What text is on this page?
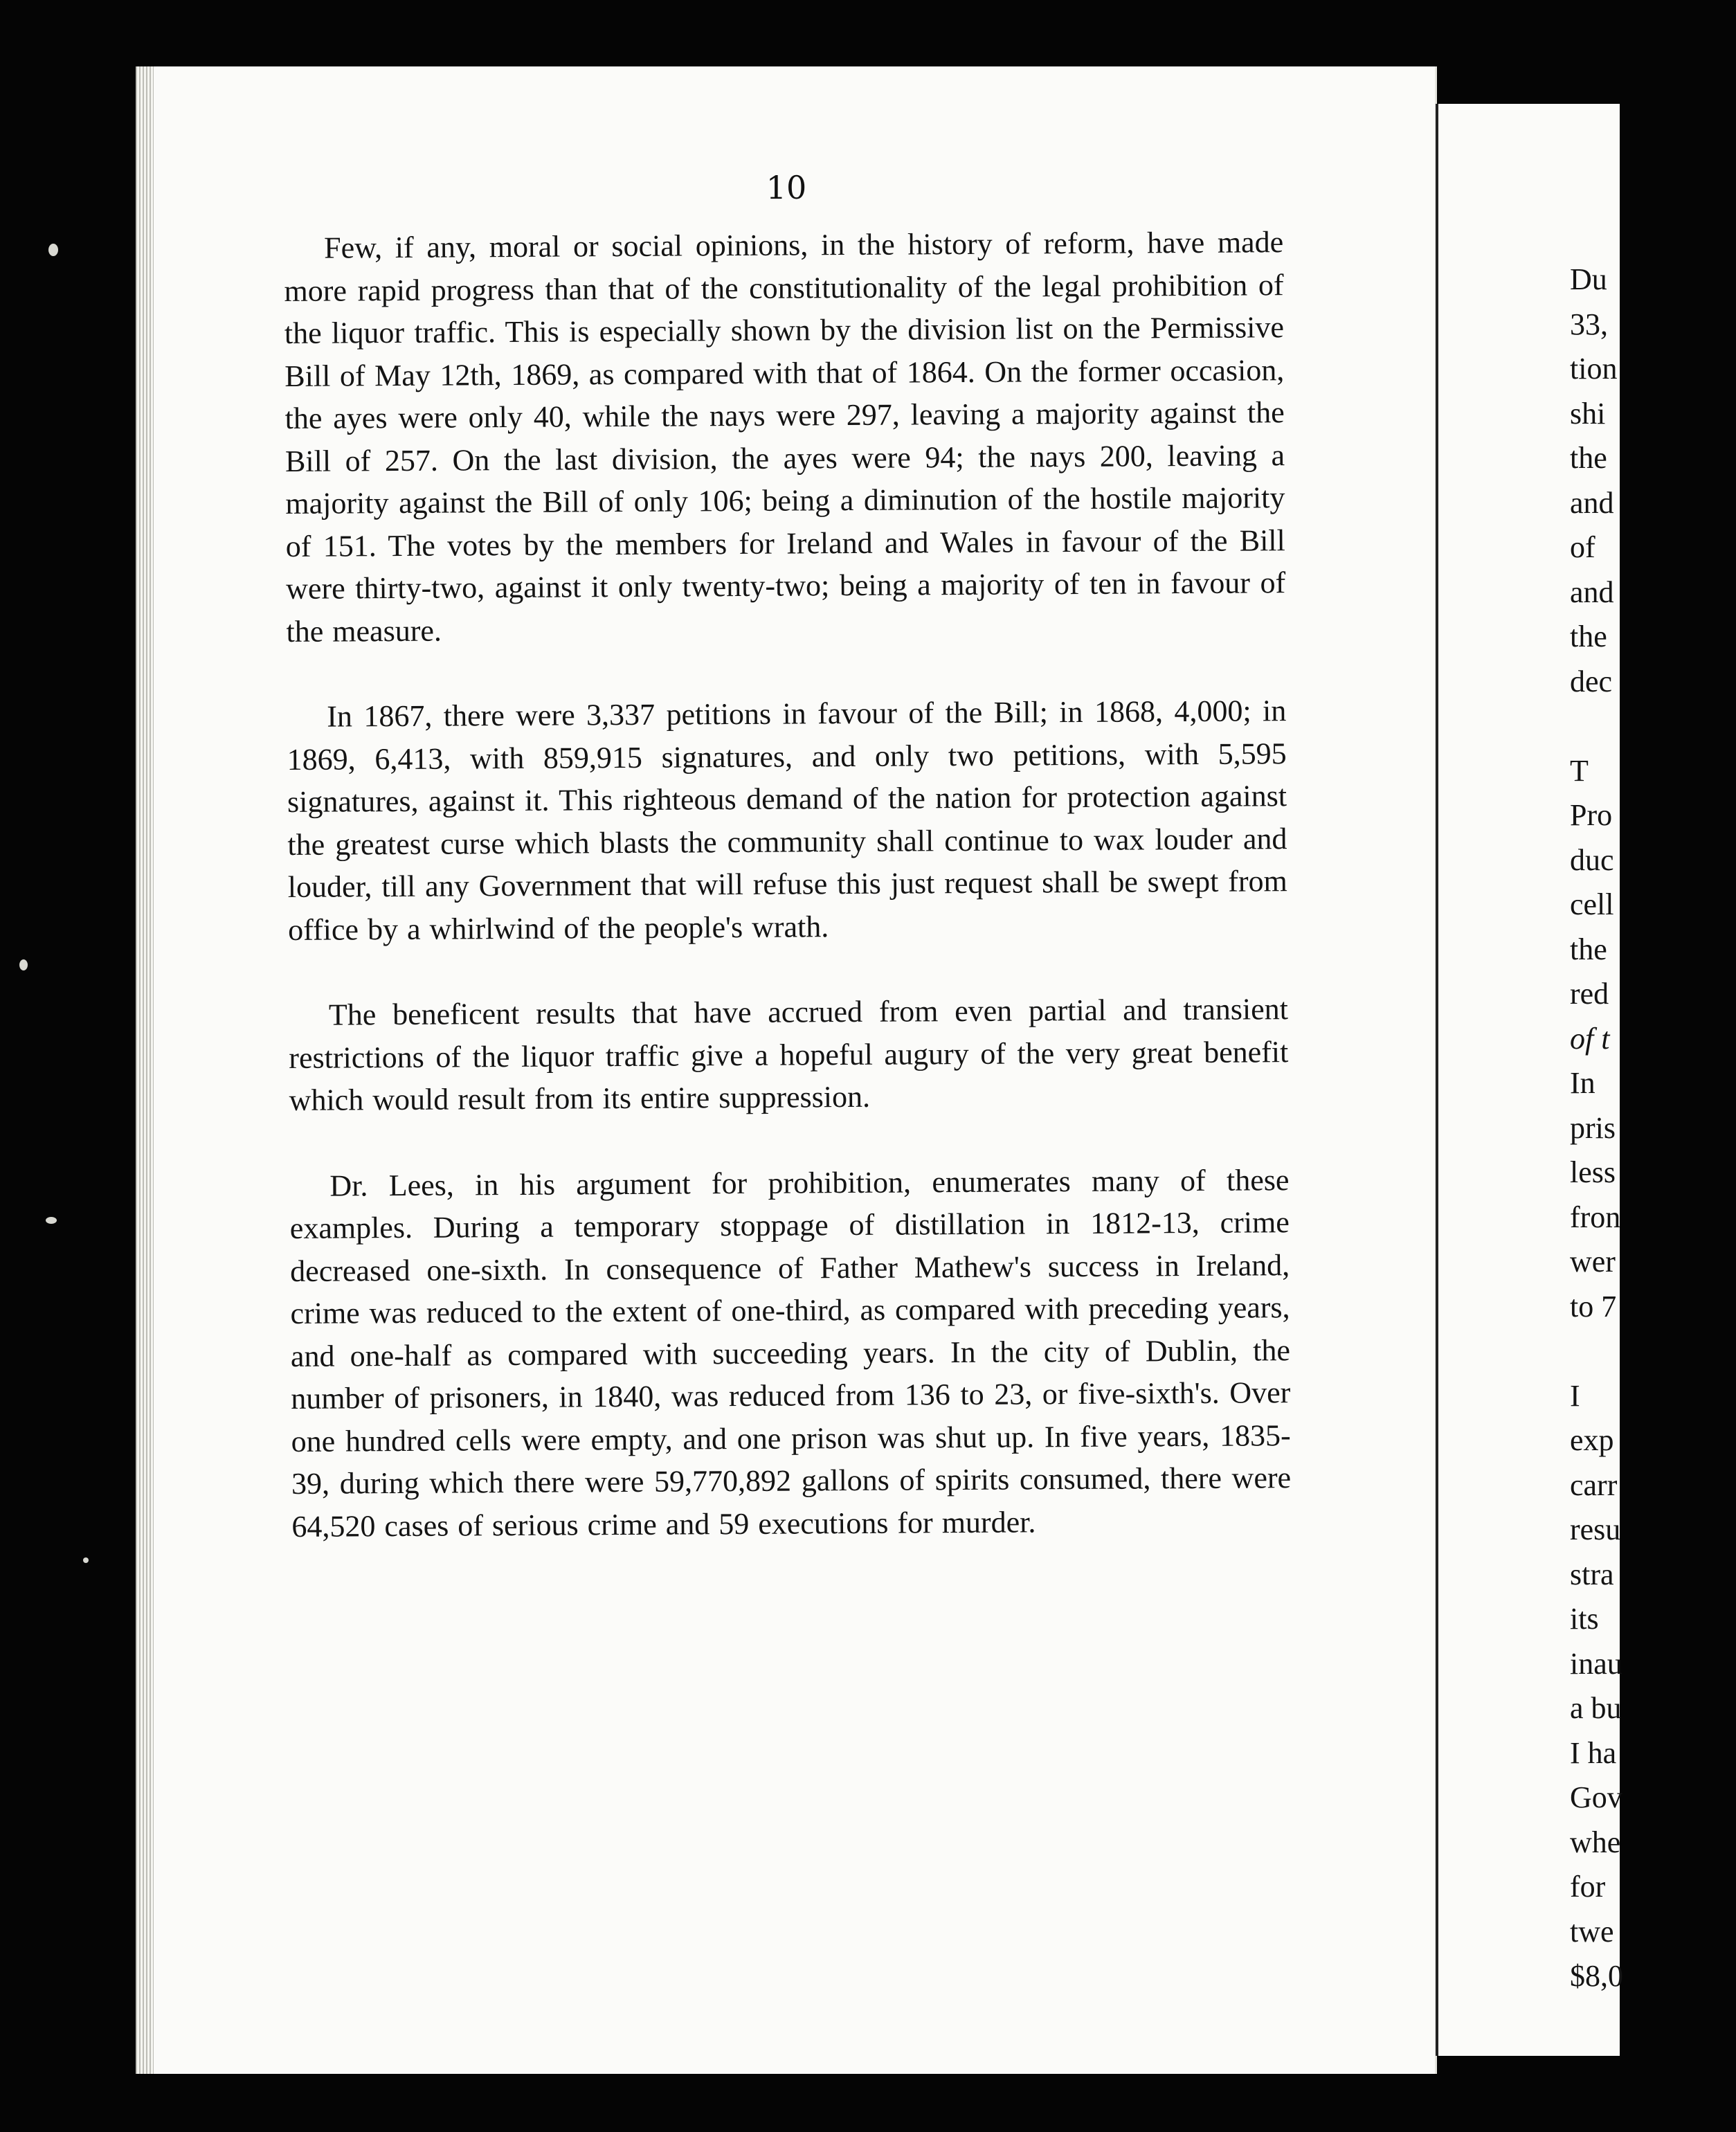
10

Few, if any, moral or social opinions, in the history of reform, have made more rapid progress than that of the constitutionality of the legal prohibition of the liquor traffic. This is especially shown by the division list on the Permissive Bill of May 12th, 1869, as compared with that of 1864. On the former occasion, the ayes were only 40, while the nays were 297, leaving a majority against the Bill of 257. On the last division, the ayes were 94; the nays 200, leaving a majority against the Bill of only 106; being a diminution of the hostile majority of 151. The votes by the members for Ireland and Wales in favour of the Bill were thirty-two, against it only twenty-two; being a majority of ten in favour of the measure.

In 1867, there were 3,337 petitions in favour of the Bill; in 1868, 4,000; in 1869, 6,413, with 859,915 signatures, and only two petitions, with 5,595 signatures, against it. This righteous demand of the nation for protection against the greatest curse which blasts the community shall continue to wax louder and louder, till any Government that will refuse this just request shall be swept from office by a whirlwind of the people's wrath.

The beneficent results that have accrued from even partial and transient restrictions of the liquor traffic give a hopeful augury of the very great benefit which would result from its entire suppression.

Dr. Lees, in his argument for prohibition, enumerates many of these examples. During a temporary stoppage of distillation in 1812-13, crime decreased one-sixth. In consequence of Father Mathew's success in Ireland, crime was reduced to the extent of one-third, as compared with preceding years, and one-half as compared with succeeding years. In the city of Dublin, the number of prisoners, in 1840, was reduced from 136 to 23, or five-sixth's. Over one hundred cells were empty, and one prison was shut up. In five years, 1835-39, during which there were 59,770,892 gallons of spirits consumed, there were 64,520 cases of serious crime and 59 executions for murder.

Du
33,
tion
shi
the
and
of
and
the
dec
T
Pro
duc
cell
the
red
of t
In
pris
less
fron
wer
to 7
I
exp
carr
resu
stra
its
inau
a bu
I ha
Gov
whe
for
twe
$8,0
